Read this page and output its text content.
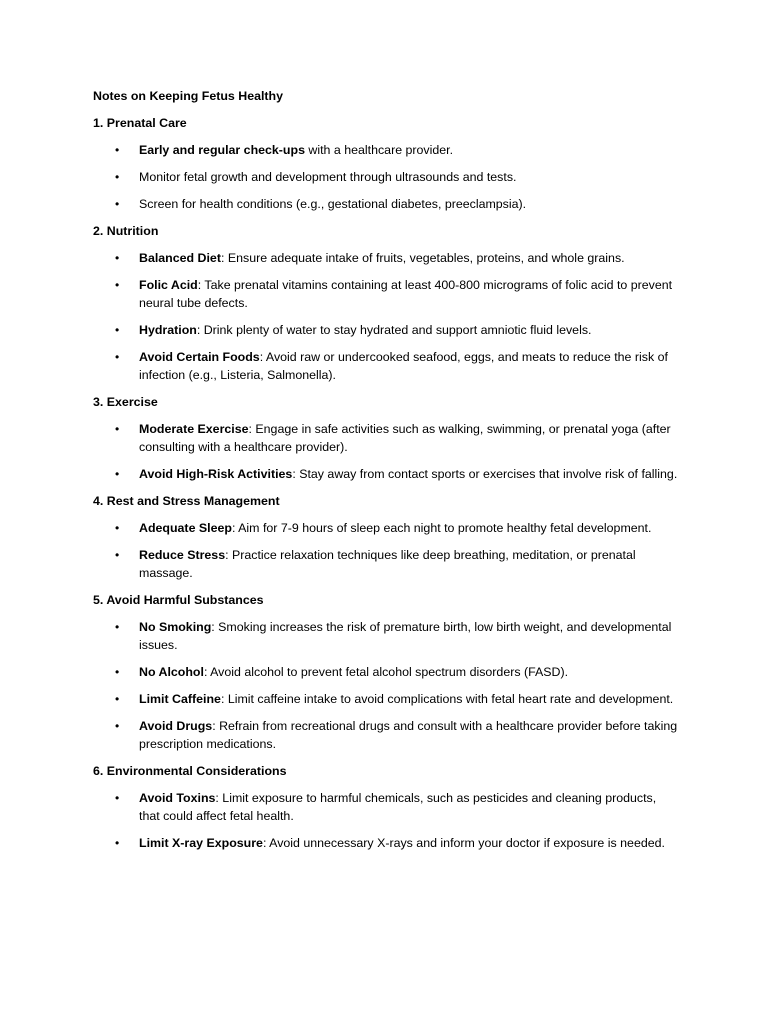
Notes on Keeping Fetus Healthy

1. Prenatal Care

• Early and regular check-ups with a healthcare provider.
• Monitor fetal growth and development through ultrasounds and tests.
• Screen for health conditions (e.g., gestational diabetes, preeclampsia).

2. Nutrition

• Balanced Diet: Ensure adequate intake of fruits, vegetables, proteins, and whole grains.
• Folic Acid: Take prenatal vitamins containing at least 400-800 micrograms of folic acid to prevent neural tube defects.
• Hydration: Drink plenty of water to stay hydrated and support amniotic fluid levels.
• Avoid Certain Foods: Avoid raw or undercooked seafood, eggs, and meats to reduce the risk of infection (e.g., Listeria, Salmonella).

3. Exercise

• Moderate Exercise: Engage in safe activities such as walking, swimming, or prenatal yoga (after consulting with a healthcare provider).
• Avoid High-Risk Activities: Stay away from contact sports or exercises that involve risk of falling.

4. Rest and Stress Management

• Adequate Sleep: Aim for 7-9 hours of sleep each night to promote healthy fetal development.
• Reduce Stress: Practice relaxation techniques like deep breathing, meditation, or prenatal massage.

5. Avoid Harmful Substances

• No Smoking: Smoking increases the risk of premature birth, low birth weight, and developmental issues.
• No Alcohol: Avoid alcohol to prevent fetal alcohol spectrum disorders (FASD).
• Limit Caffeine: Limit caffeine intake to avoid complications with fetal heart rate and development.
• Avoid Drugs: Refrain from recreational drugs and consult with a healthcare provider before taking prescription medications.

6. Environmental Considerations

• Avoid Toxins: Limit exposure to harmful chemicals, such as pesticides and cleaning products, that could affect fetal health.
• Limit X-ray Exposure: Avoid unnecessary X-rays and inform your doctor if exposure is needed.
